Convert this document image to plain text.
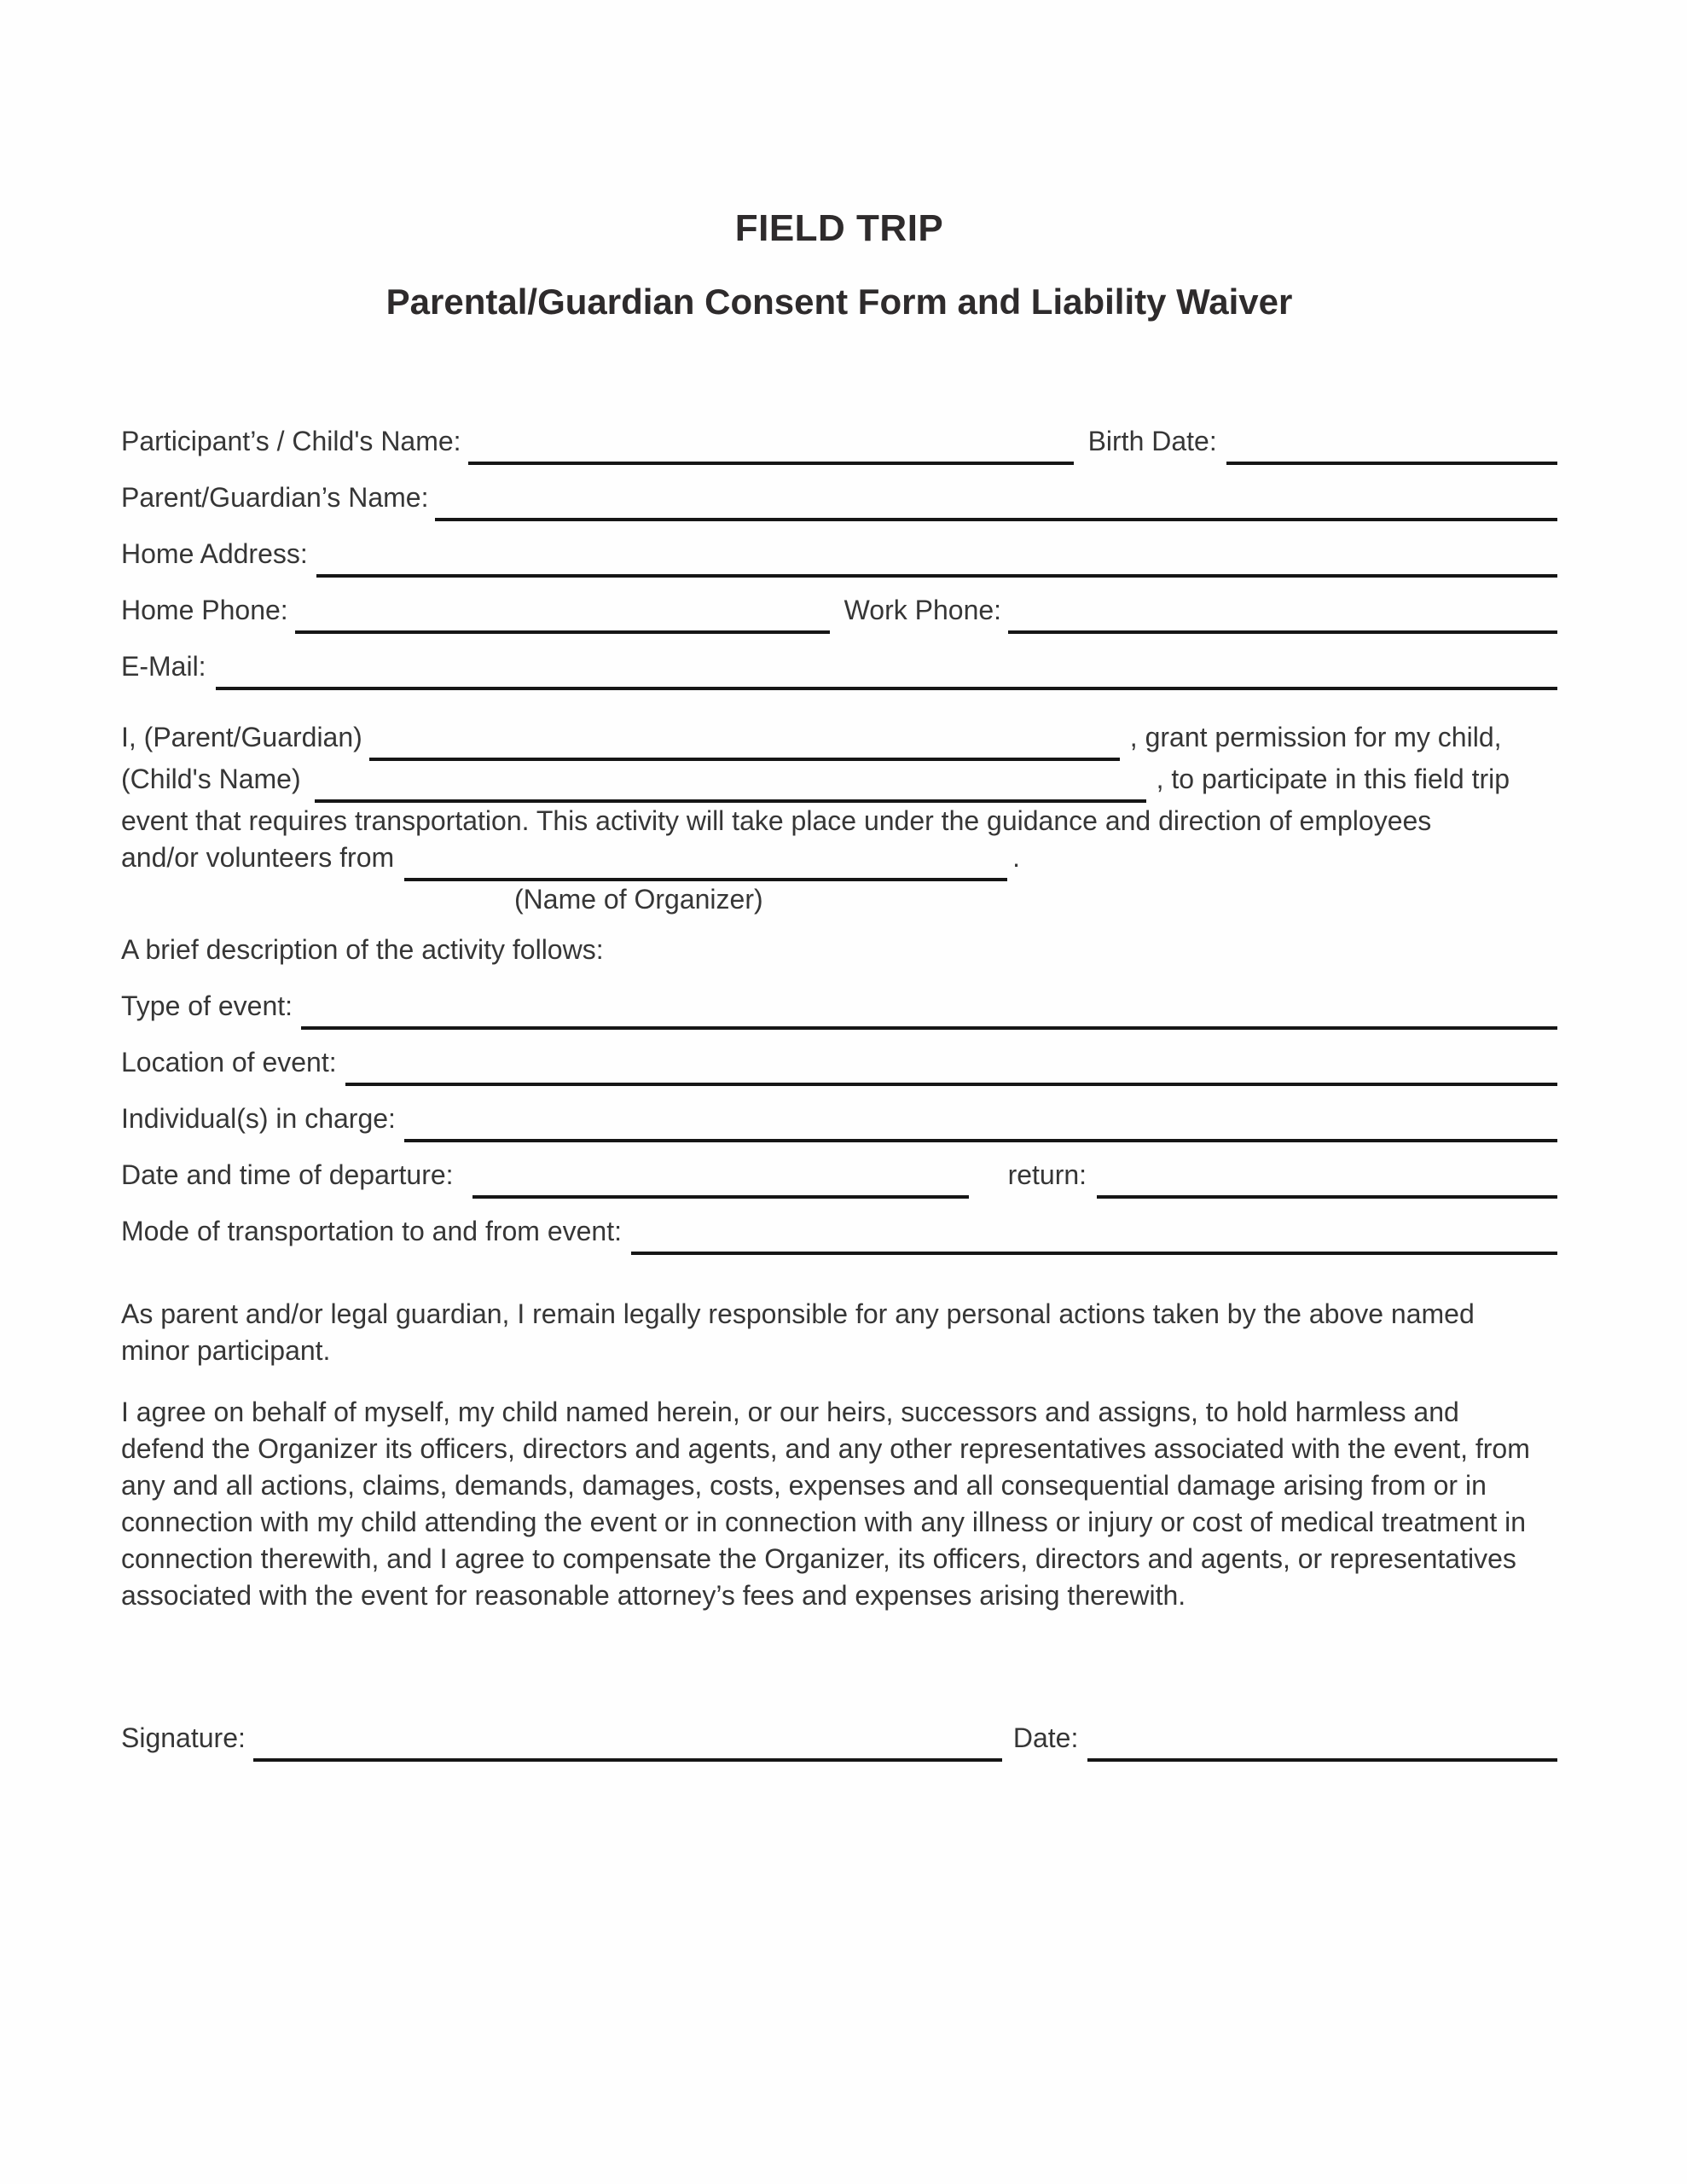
FIELD TRIP
Parental/Guardian Consent Form and Liability Waiver
Participant’s / Child's Name:	Birth Date:
Parent/Guardian’s Name:
Home Address:
Home Phone:	Work Phone:
E-Mail:
I, (Parent/Guardian)	, grant permission for my child,
(Child's Name)	, to participate in this field trip
event that requires transportation. This activity will take place under the guidance and direction of employees
and/or volunteers from	.
(Name of Organizer)
A brief description of the activity follows:
Type of event:
Location of event:
Individual(s) in charge:
Date and time of departure:	return:
Mode of transportation to and from event:
As parent and/or legal guardian, I remain legally responsible for any personal actions taken by the above named
minor participant.
I agree on behalf of myself, my child named herein, or our heirs, successors and assigns, to hold harmless and
defend the Organizer its officers, directors and agents, and any other representatives associated with the event, from
any and all actions, claims, demands, damages, costs, expenses and all consequential damage arising from or in
connection with my child attending the event or in connection with any illness or injury or cost of medical treatment in
connection therewith, and I agree to compensate the Organizer, its officers, directors and agents, or representatives
associated with the event for reasonable attorney’s fees and expenses arising therewith.
Signature:	Date:
